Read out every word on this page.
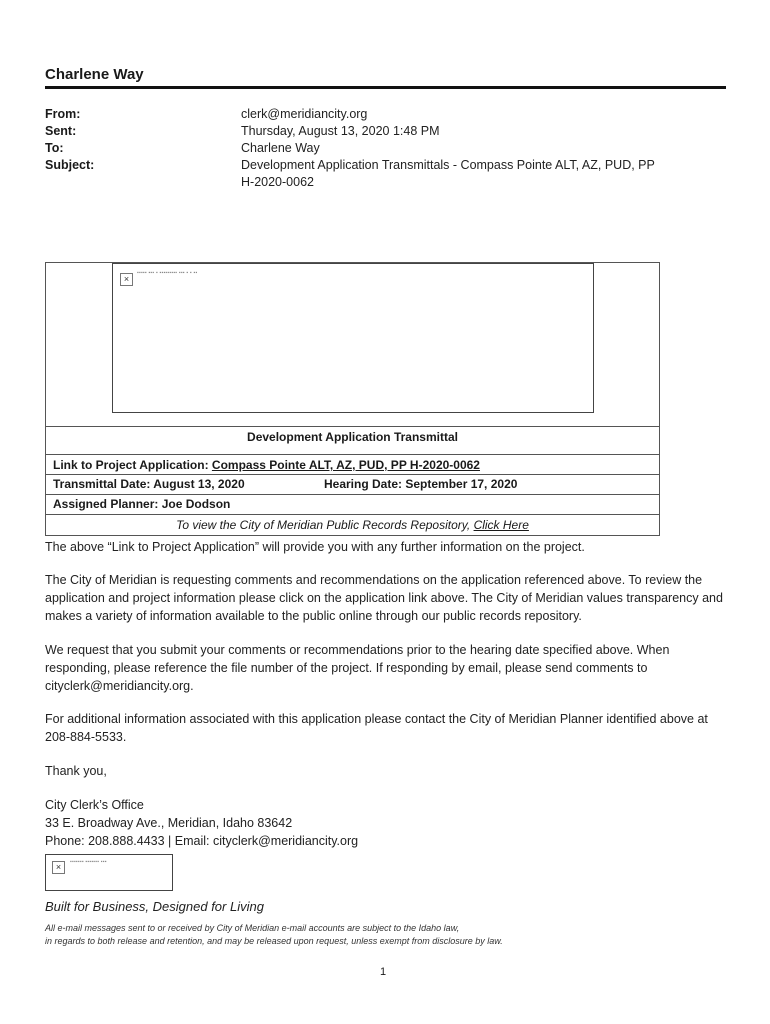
Charlene Way
From:	clerk@meridiancity.org
Sent:	Thursday, August 13, 2020 1:48 PM
To:	Charlene Way
Subject:	Development Application Transmittals - Compass Pointe ALT, AZ, PUD, PP
H-2020-0062
×
▪▪▪▪▪ ▪▪▪ ▪ ▪▪▪▪▪▪▪▪▪ ▪▪▪ ▪ ▪ ▪▪
Development Application Transmittal
Link to Project Application: Compass Pointe ALT, AZ, PUD, PP H-2020-0062
Transmittal Date: August 13, 2020	Hearing Date: September 17, 2020
Assigned Planner: Joe Dodson
To view the City of Meridian Public Records Repository, Click Here
The above “Link to Project Application” will provide you with any further information on the project.
The City of Meridian is requesting comments and recommendations on the application referenced above. To review the application and project information please click on the application link above. The City of Meridian values transparency and makes a variety of information available to the public online through our public records repository.
We request that you submit your comments or recommendations prior to the hearing date specified above. When responding, please reference the file number of the project. If responding by email, please send comments to cityclerk@meridiancity.org.
For additional information associated with this application please contact the City of Meridian Planner identified above at 208-884-5533.
Thank you,
City Clerk’s Office
33 E. Broadway Ave., Meridian, Idaho 83642
Phone: 208.888.4433 | Email: cityclerk@meridiancity.org
×	▪▪▪▪▪▪▪ ▪▪▪▪▪▪▪ ▪▪▪
Built for Business, Designed for Living
All e-mail messages sent to or received by City of Meridian e-mail accounts are subject to the Idaho law,
in regards to both release and retention, and may be released upon request, unless exempt from disclosure by law.
1
